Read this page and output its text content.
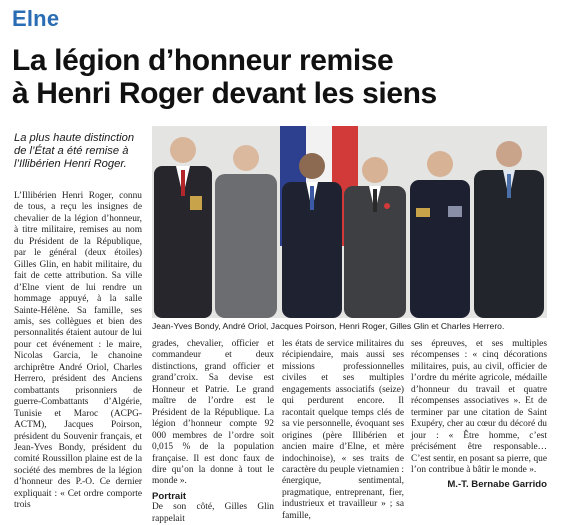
Elne
La légion d’honneur remise
à Henri Roger devant les siens
La plus haute distinction de l’État a été remise à l’Illibérien Henri Roger.
Jean-Yves Bondy, André Oriol, Jacques Poirson, Henri Roger, Gilles Glin et Charles Herrero.

L’Illibérien Henri Roger, connu de tous, a reçu les insignes de chevalier de la légion d’honneur, à titre militaire, remises au nom du Président de la République, par le général (deux étoiles) Gilles Glin, en habit militaire, du fait de cette attribution. Sa ville d’Elne vient de lui rendre un hommage appuyé, à la salle Sainte-Hélène. Sa famille, ses amis, ses collègues et bien des personnalités étaient autour de lui pour cet événement : le maire, Nicolas Garcia, le chanoine archiprêtre André Oriol, Charles Herrero, président des Anciens combattants prisonniers de guerre-Combattants d’Algérie, Tunisie et Maroc (ACPG-ACTM), Jacques Poirson, président du Souvenir français, et Jean-Yves Bondy, président du comité Roussillon plaine est de la société des membres de la légion d’honneur des P.-O. Ce dernier expliquait : « Cet ordre comporte trois

grades, chevalier, officier et commandeur et deux distinctions, grand officier et grand’croix. Sa devise est Honneur et Patrie. Le grand maître de l’ordre est le Président de la République. La légion d’honneur compte 92 000 membres de l’ordre soit 0,015 % de la population française. Il est donc faux de dire qu’on la donne à tout le monde ».

Portrait

De son côté, Gilles Glin rappelait

les états de service militaires du récipiendaire, mais aussi ses missions professionnelles civiles et ses multiples engagements associatifs (seize) qui perdurent encore. Il racontait quelque temps clés de sa vie personnelle, évoquant ses origines (père Illibérien et ancien maire d’Elne, et mère indochinoise), « ses traits de caractère du peuple vietnamien : énergique, sentimental, pragmatique, entreprenant, fier, industrieux et travailleur » ; sa famille,

ses épreuves, et ses multiples récompenses : « cinq décorations militaires, puis, au civil, officier de l’ordre du mérite agricole, médaille d’honneur du travail et quatre récompenses associatives ». Et de terminer par une citation de Saint Exupéry, cher au cœur du décoré du jour : « Être homme, c’est précisément être responsable… C’est sentir, en posant sa pierre, que l’on contribue à bâtir le monde ».

M.-T. Bernabe Garrido
